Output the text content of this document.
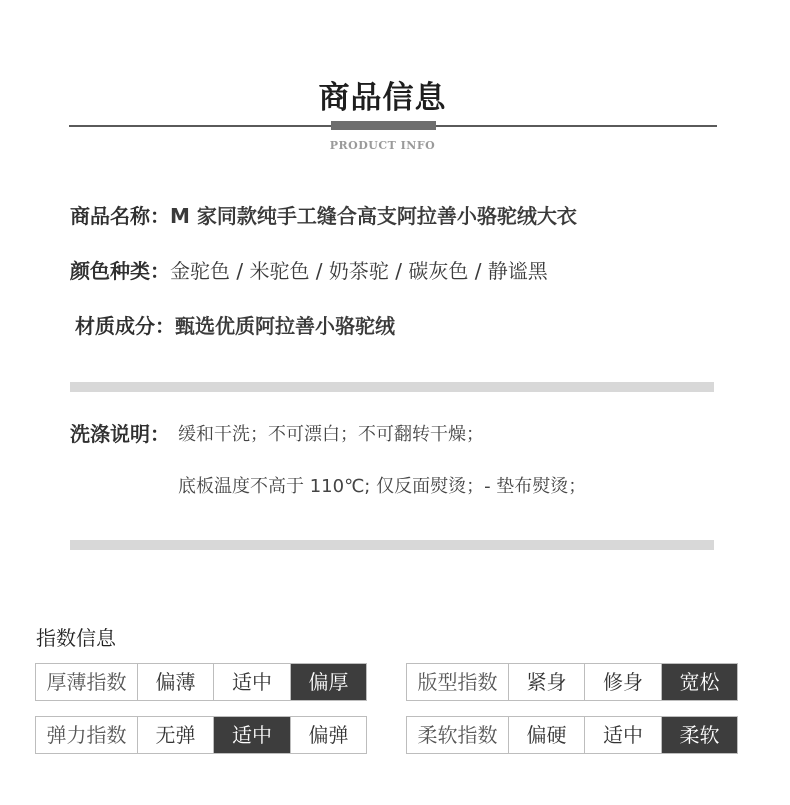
商品信息
PRODUCT INFO
商品名称：M 家同款纯手工缝合高支阿拉善小骆驼绒大衣
颜色种类：金驼色 / 米驼色 / 奶茶驼 / 碳灰色 / 静谧黑
材质成分：甄选优质阿拉善小骆驼绒
洗涤说明： 缓和干洗；不可漂白；不可翻转干燥；
底板温度不高于 110℃; 仅反面熨烫；- 垫布熨烫；
指数信息
厚薄指数	偏薄	适中	偏厚
弹力指数	无弹	适中	偏弹
版型指数	紧身	修身	宽松
柔软指数	偏硬	适中	柔软
